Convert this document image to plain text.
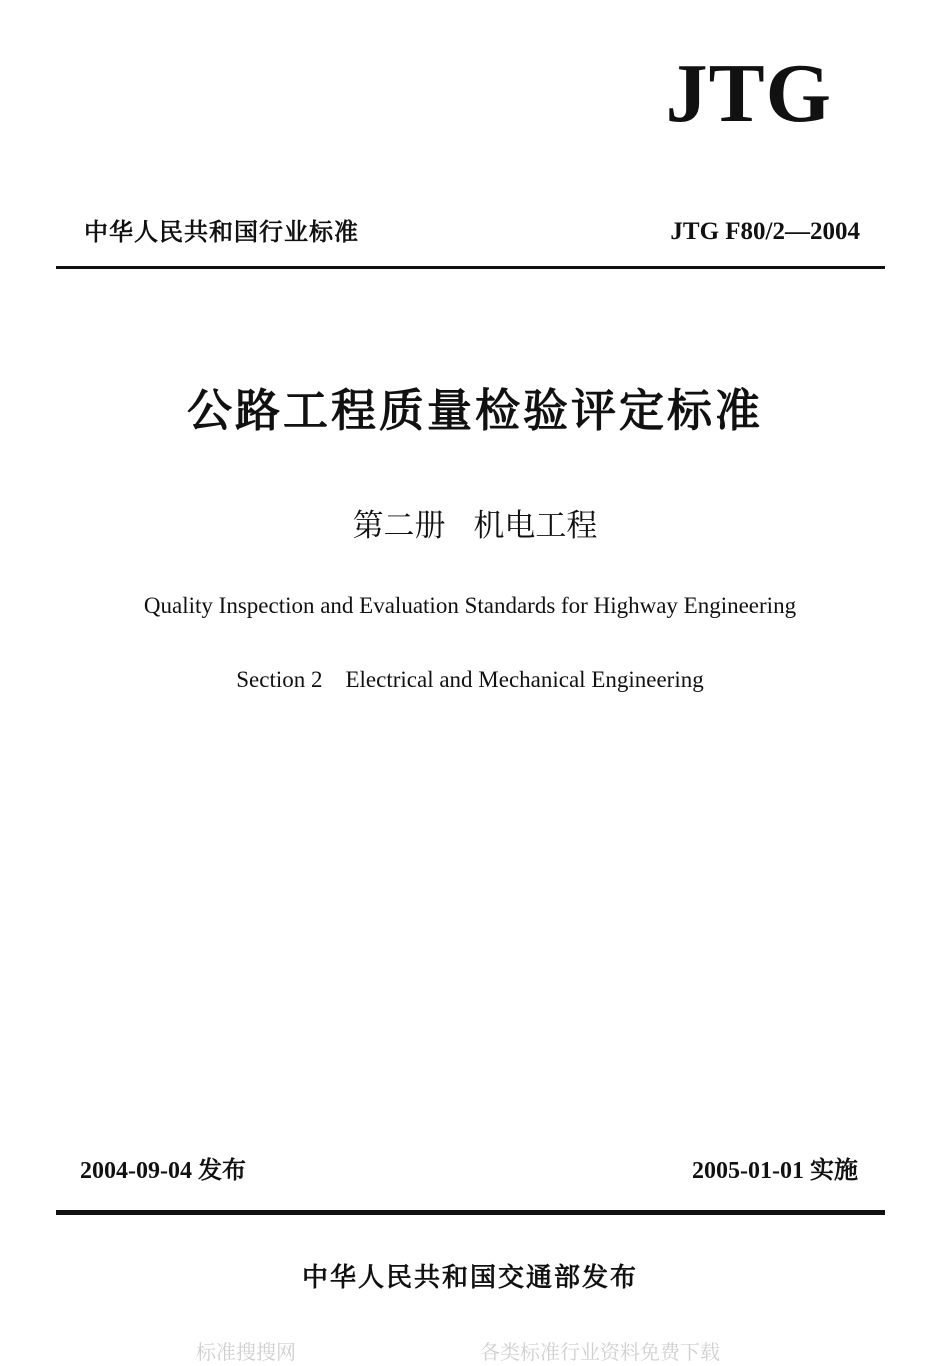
JTG
中华人民共和国行业标准	JTG F80/2—2004
公路工程质量检验评定标准
第二册 机电工程
Quality Inspection and Evaluation Standards for Highway Engineering
Section 2    Electrical and Mechanical Engineering
2004-09-04 发布	2005-01-01 实施
中华人民共和国交通部发布
标准搜搜网	各类标准行业资料免费下载
